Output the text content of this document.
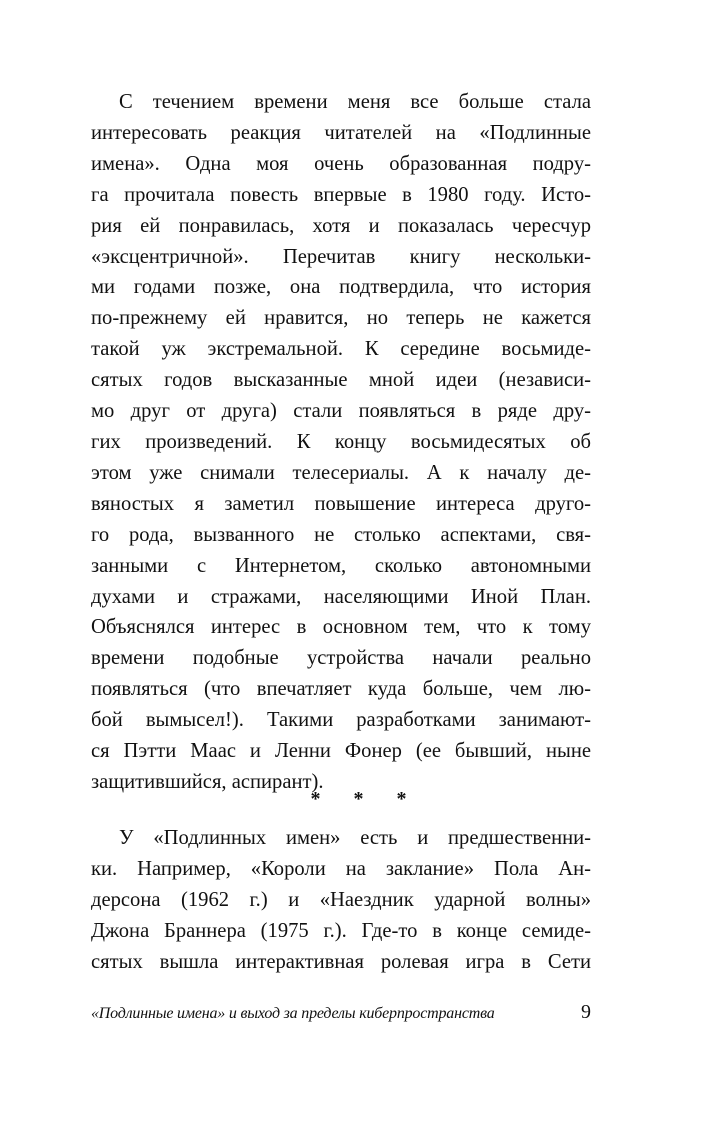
С течением времени меня все больше стала
интересовать реакция читателей на «Подлинные
имена». Одна моя очень образованная подру-
га прочитала повесть впервые в 1980 году. Исто-
рия ей понравилась, хотя и показалась чересчур
«эксцентричной». Перечитав книгу нескольки-
ми годами позже, она подтвердила, что история
по-прежнему ей нравится, но теперь не кажется
такой уж экстремальной. К середине восьмиде-
сятых годов высказанные мной идеи (независи-
мо друг от друга) стали появляться в ряде дру-
гих произведений. К концу восьмидесятых об
этом уже снимали телесериалы. А к началу де-
вяностых я заметил повышение интереса друго-
го рода, вызванного не столько аспектами, свя-
занными с Интернетом, сколько автономными
духами и стражами, населяющими Иной План.
Объяснялся интерес в основном тем, что к тому
времени подобные устройства начали реально
появляться (что впечатляет куда больше, чем лю-
бой вымысел!). Такими разработками занимают-
ся Пэтти Маас и Ленни Фонер (ее бывший, ныне
защитившийся, аспирант).
* * *
У «Подлинных имен» есть и предшественни-
ки. Например, «Короли на заклание» Пола Ан-
дерсона (1962 г.) и «Наездник ударной волны»
Джона Браннера (1975 г.). Где-то в конце семиде-
сятых вышла интерактивная ролевая игра в Сети
«Подлинные имена» и выход за пределы киберпространства	9
